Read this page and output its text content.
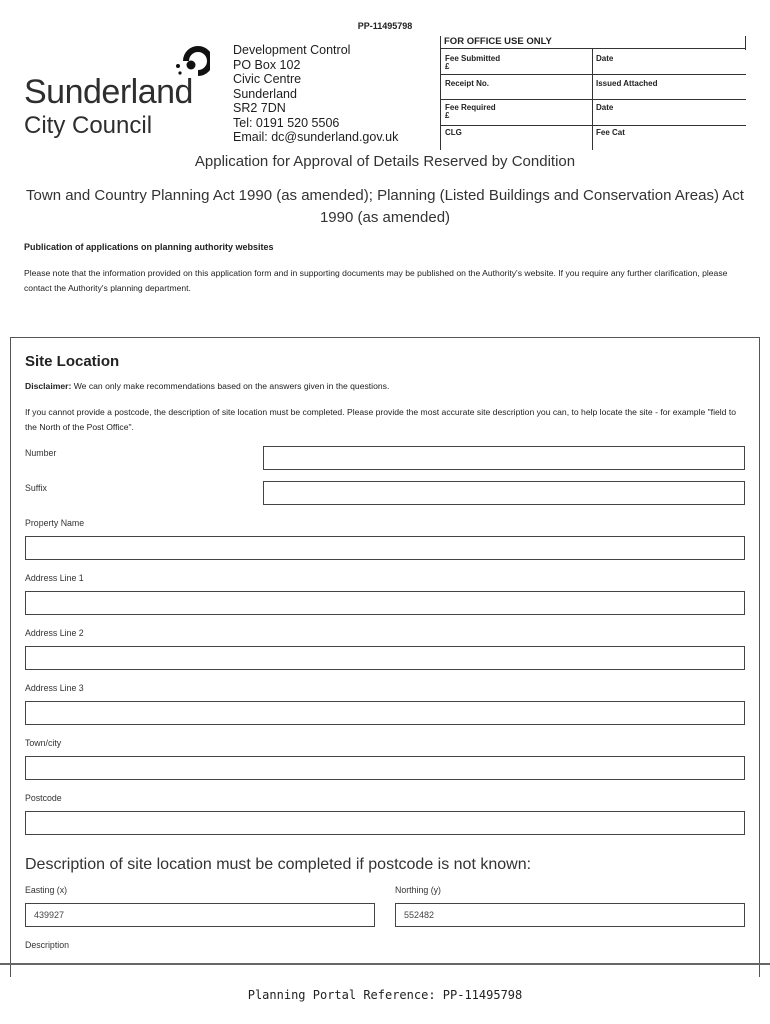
PP-11495798
Sunderland
City Council
Development Control
PO Box 102
Civic Centre
Sunderland
SR2 7DN
Tel: 0191 520 5506
Email: dc@sunderland.gov.uk
FOR OFFICE USE ONLY
Fee Submitted
£
Date
Receipt No.	Issued Attached
Fee Required
£
Date
CLG	Fee Cat
Application for Approval of Details Reserved by Condition
Town and Country Planning Act 1990 (as amended); Planning (Listed Buildings and Conservation Areas) Act 1990 (as amended)
Publication of applications on planning authority websites
Please note that the information provided on this application form and in supporting documents may be published on the Authority's website. If you require any further clarification, please contact the Authority's planning department.
Site Location
Disclaimer: We can only make recommendations based on the answers given in the questions.
If you cannot provide a postcode, the description of site location must be completed. Please provide the most accurate site description you can, to help locate the site - for example "field to the North of the Post Office".
Number
Suffix
Property Name
Address Line 1
Address Line 2
Address Line 3
Town/city
Postcode
Description of site location must be completed if postcode is not known:
Easting (x)
439927
Northing (y)
552482
Description
Planning Portal Reference: PP-11495798
